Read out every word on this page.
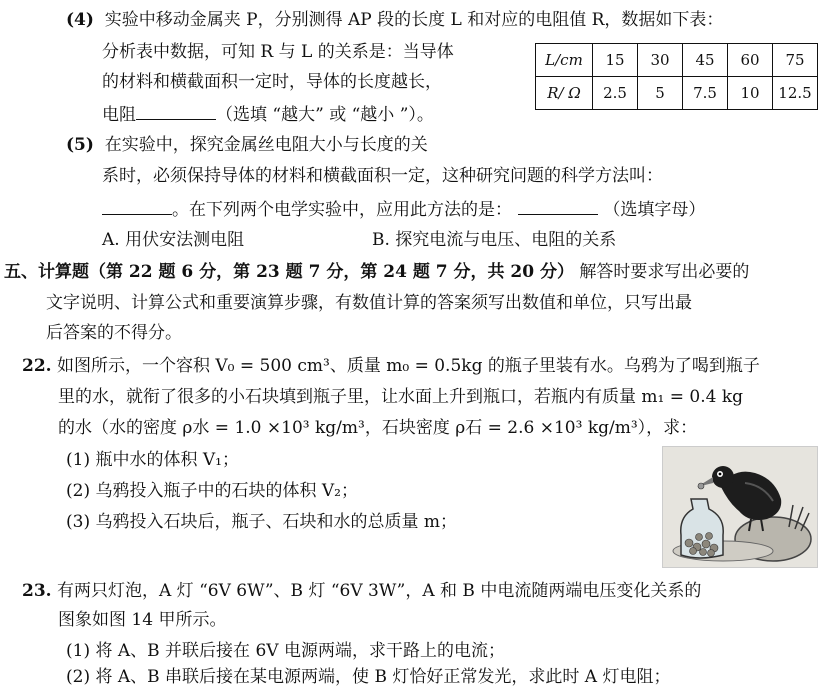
(4) 实验中移动金属夹 P，分别测得 AP 段的长度 L 和对应的电阻值 R，数据如下表：
分析表中数据，可知 R 与 L 的关系是：当导体
的材料和横截面积一定时，导体的长度越长，
电阻	（选填 “越大” 或 “越小 ”）。
L/cm	15	30	45	60	75
R/ Ω	2.5	5	7.5	10	12.5
(5) 在实验中，探究金属丝电阻大小与长度的关
系时，必须保持导体的材料和横截面积一定，这种研究问题的科学方法叫：
。在下列两个电学实验中，应用此方法的是：	（选填字母）
A. 用伏安法测电阻	B. 探究电流与电压、电阻的关系
五、计算题（第 22 题 6 分，第 23 题 7 分，第 24 题 7 分，共 20 分） 解答时要求写出必要的
文字说明、计算公式和重要演算步骤，有数值计算的答案须写出数值和单位，只写出最
后答案的不得分。
22. 如图所示，一个容积 V₀ = 500 cm³、质量 m₀ = 0.5kg 的瓶子里装有水。乌鸦为了喝到瓶子
里的水，就衔了很多的小石块填到瓶子里，让水面上升到瓶口，若瓶内有质量 m₁ = 0.4 kg
的水（水的密度 ρ水 = 1.0 ×10³ kg/m³，石块密度 ρ石 = 2.6 ×10³ kg/m³），求：
(1) 瓶中水的体积 V₁；
(2) 乌鸦投入瓶子中的石块的体积 V₂；
(3) 乌鸦投入石块后，瓶子、石块和水的总质量 m；
23. 有两只灯泡，A 灯 “6V 6W”、B 灯 “6V 3W”，A 和 B 中电流随两端电压变化关系的
图象如图 14 甲所示。
(1) 将 A、B 并联后接在 6V 电源两端，求干路上的电流；
(2) 将 A、B 串联后接在某电源两端，使 B 灯恰好正常发光，求此时 A 灯电阻；
